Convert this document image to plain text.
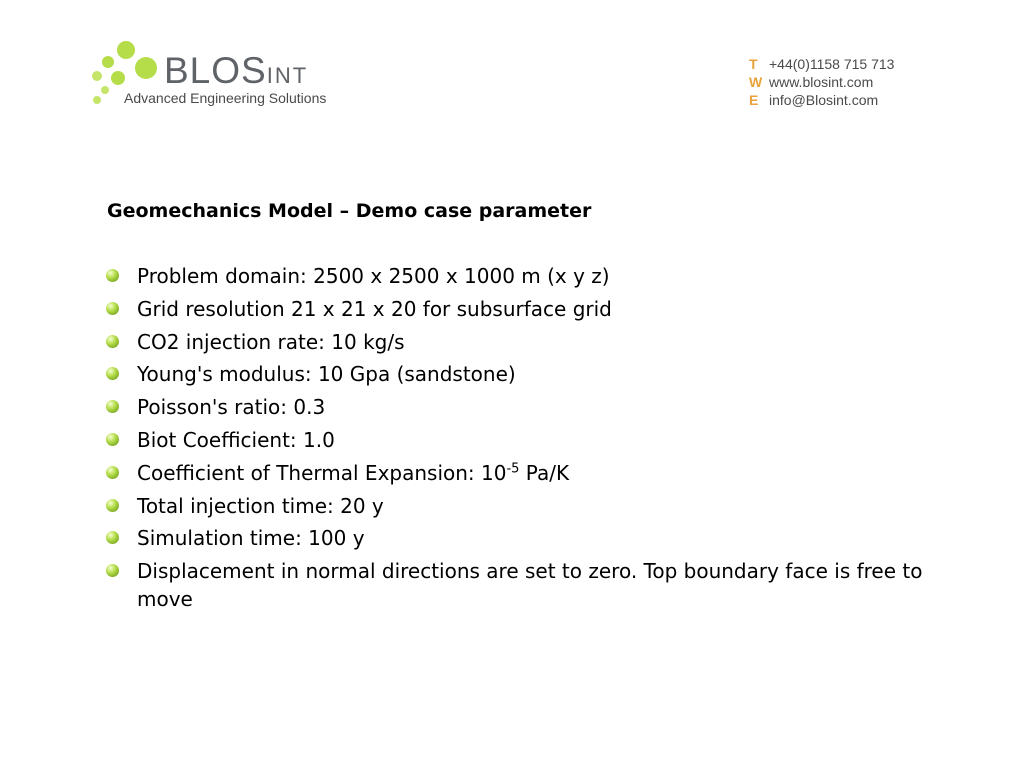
BLOSINT
Advanced Engineering Solutions
T +44(0)1158 715 713
W www.blosint.com
E info@Blosint.com
Geomechanics Model – Demo case parameter
Problem domain: 2500 x 2500 x 1000 m (x y z)
Grid resolution 21 x 21 x 20 for subsurface grid
CO2 injection rate: 10 kg/s
Young's modulus: 10 Gpa (sandstone)
Poisson's ratio: 0.3
Biot Coefficient: 1.0
Coefficient of Thermal Expansion: $10^{-5}$ Pa/K
Total injection time: 20 y
Simulation time: 100 y
Displacement in normal directions are set to zero. Top boundary face is free to move
